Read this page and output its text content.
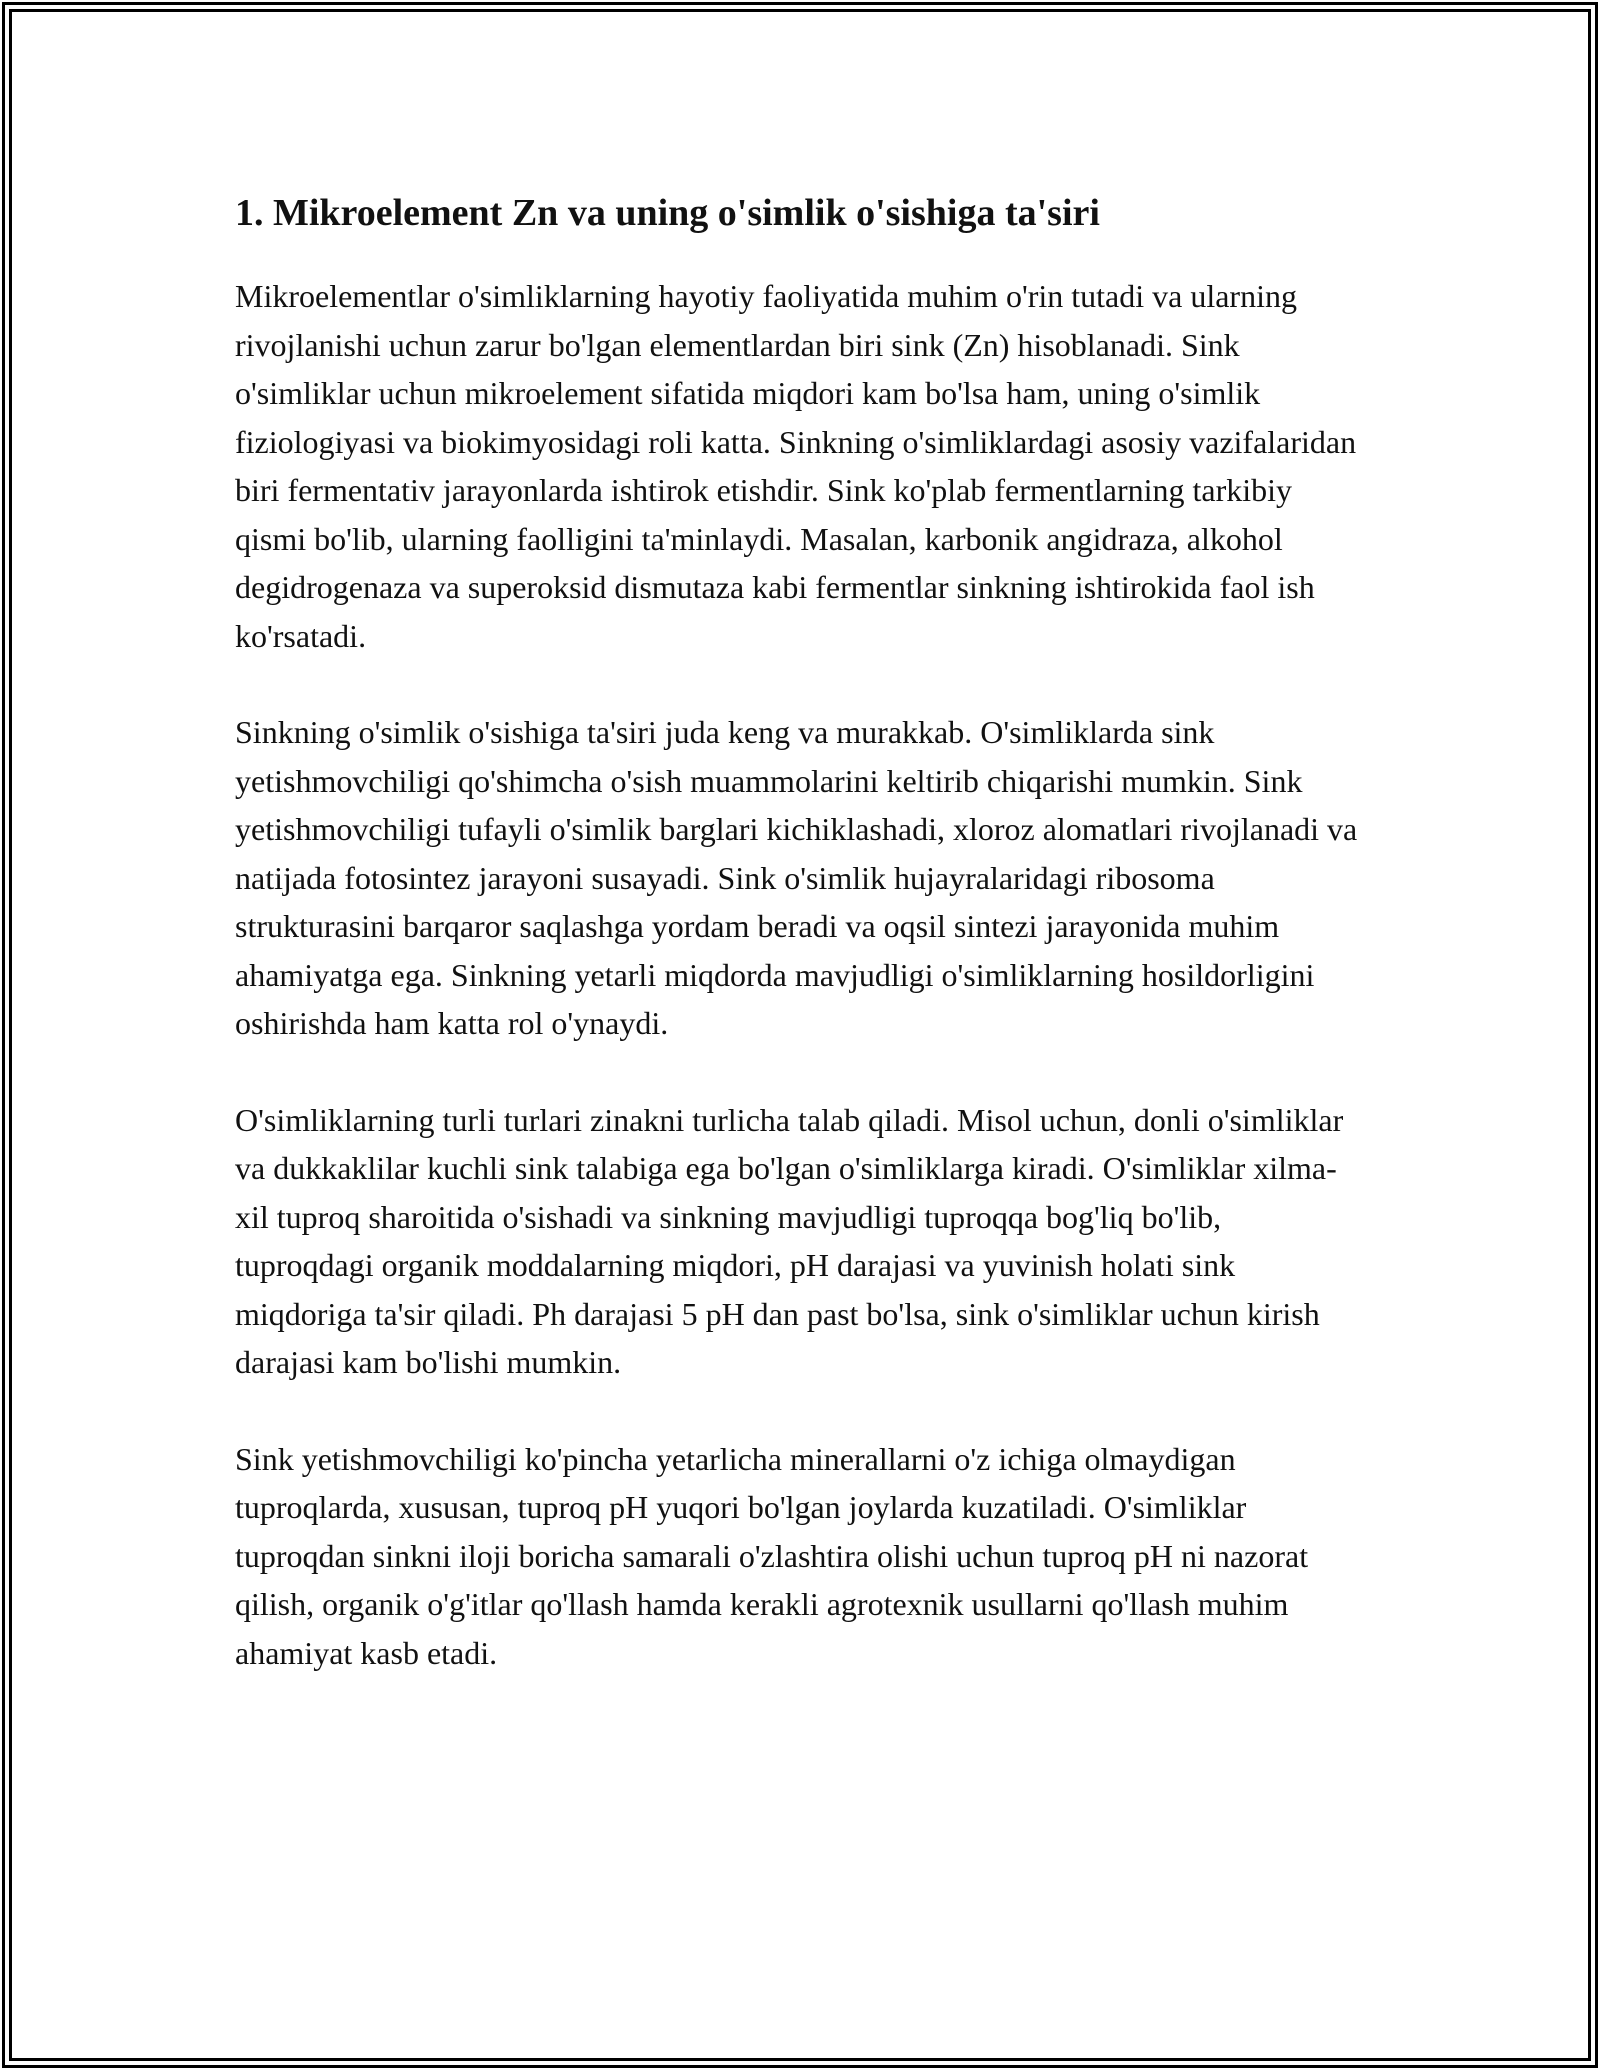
1. Mikroelement Zn va uning o'simlik o'sishiga ta'siri

Mikroelementlar o'simliklarning hayotiy faoliyatida muhim o'rin tutadi va ularning rivojlanishi uchun zarur bo'lgan elementlardan biri sink (Zn) hisoblanadi. Sink o'simliklar uchun mikroelement sifatida miqdori kam bo'lsa ham, uning o'simlik fiziologiyasi va biokimyosidagi roli katta. Sinkning o'simliklardagi asosiy vazifalaridan biri fermentativ jarayonlarda ishtirok etishdir. Sink ko'plab fermentlarning tarkibiy qismi bo'lib, ularning faolligini ta'minlaydi. Masalan, karbonik angidraza, alkohol degidrogenaza va superoksid dismutaza kabi fermentlar sinkning ishtirokida faol ish ko'rsatadi.

Sinkning o'simlik o'sishiga ta'siri juda keng va murakkab. O'simliklarda sink yetishmovchiligi qo'shimcha o'sish muammolarini keltirib chiqarishi mumkin. Sink yetishmovchiligi tufayli o'simlik barglari kichiklashadi, xloroz alomatlari rivojlanadi va natijada fotosintez jarayoni susayadi. Sink o'simlik hujayralaridagi ribosoma strukturasini barqaror saqlashga yordam beradi va oqsil sintezi jarayonida muhim ahamiyatga ega. Sinkning yetarli miqdorda mavjudligi o'simliklarning hosildorligini oshirishda ham katta rol o'ynaydi.

O'simliklarning turli turlari zinakni turlicha talab qiladi. Misol uchun, donli o'simliklar va dukkaklilar kuchli sink talabiga ega bo'lgan o'simliklarga kiradi. O'simliklar xilma-xil tuproq sharoitida o'sishadi va sinkning mavjudligi tuproqqa bog'liq bo'lib, tuproqdagi organik moddalarning miqdori, pH darajasi va yuvinish holati sink miqdoriga ta'sir qiladi. Ph darajasi 5 pH dan past bo'lsa, sink o'simliklar uchun kirish darajasi kam bo'lishi mumkin.

Sink yetishmovchiligi ko'pincha yetarlicha minerallarni o'z ichiga olmaydigan tuproqlarda, xususan, tuproq pH yuqori bo'lgan joylarda kuzatiladi. O'simliklar tuproqdan sinkni iloji boricha samarali o'zlashtira olishi uchun tuproq pH ni nazorat qilish, organik o'g'itlar qo'llash hamda kerakli agrotexnik usullarni qo'llash muhim ahamiyat kasb etadi.
